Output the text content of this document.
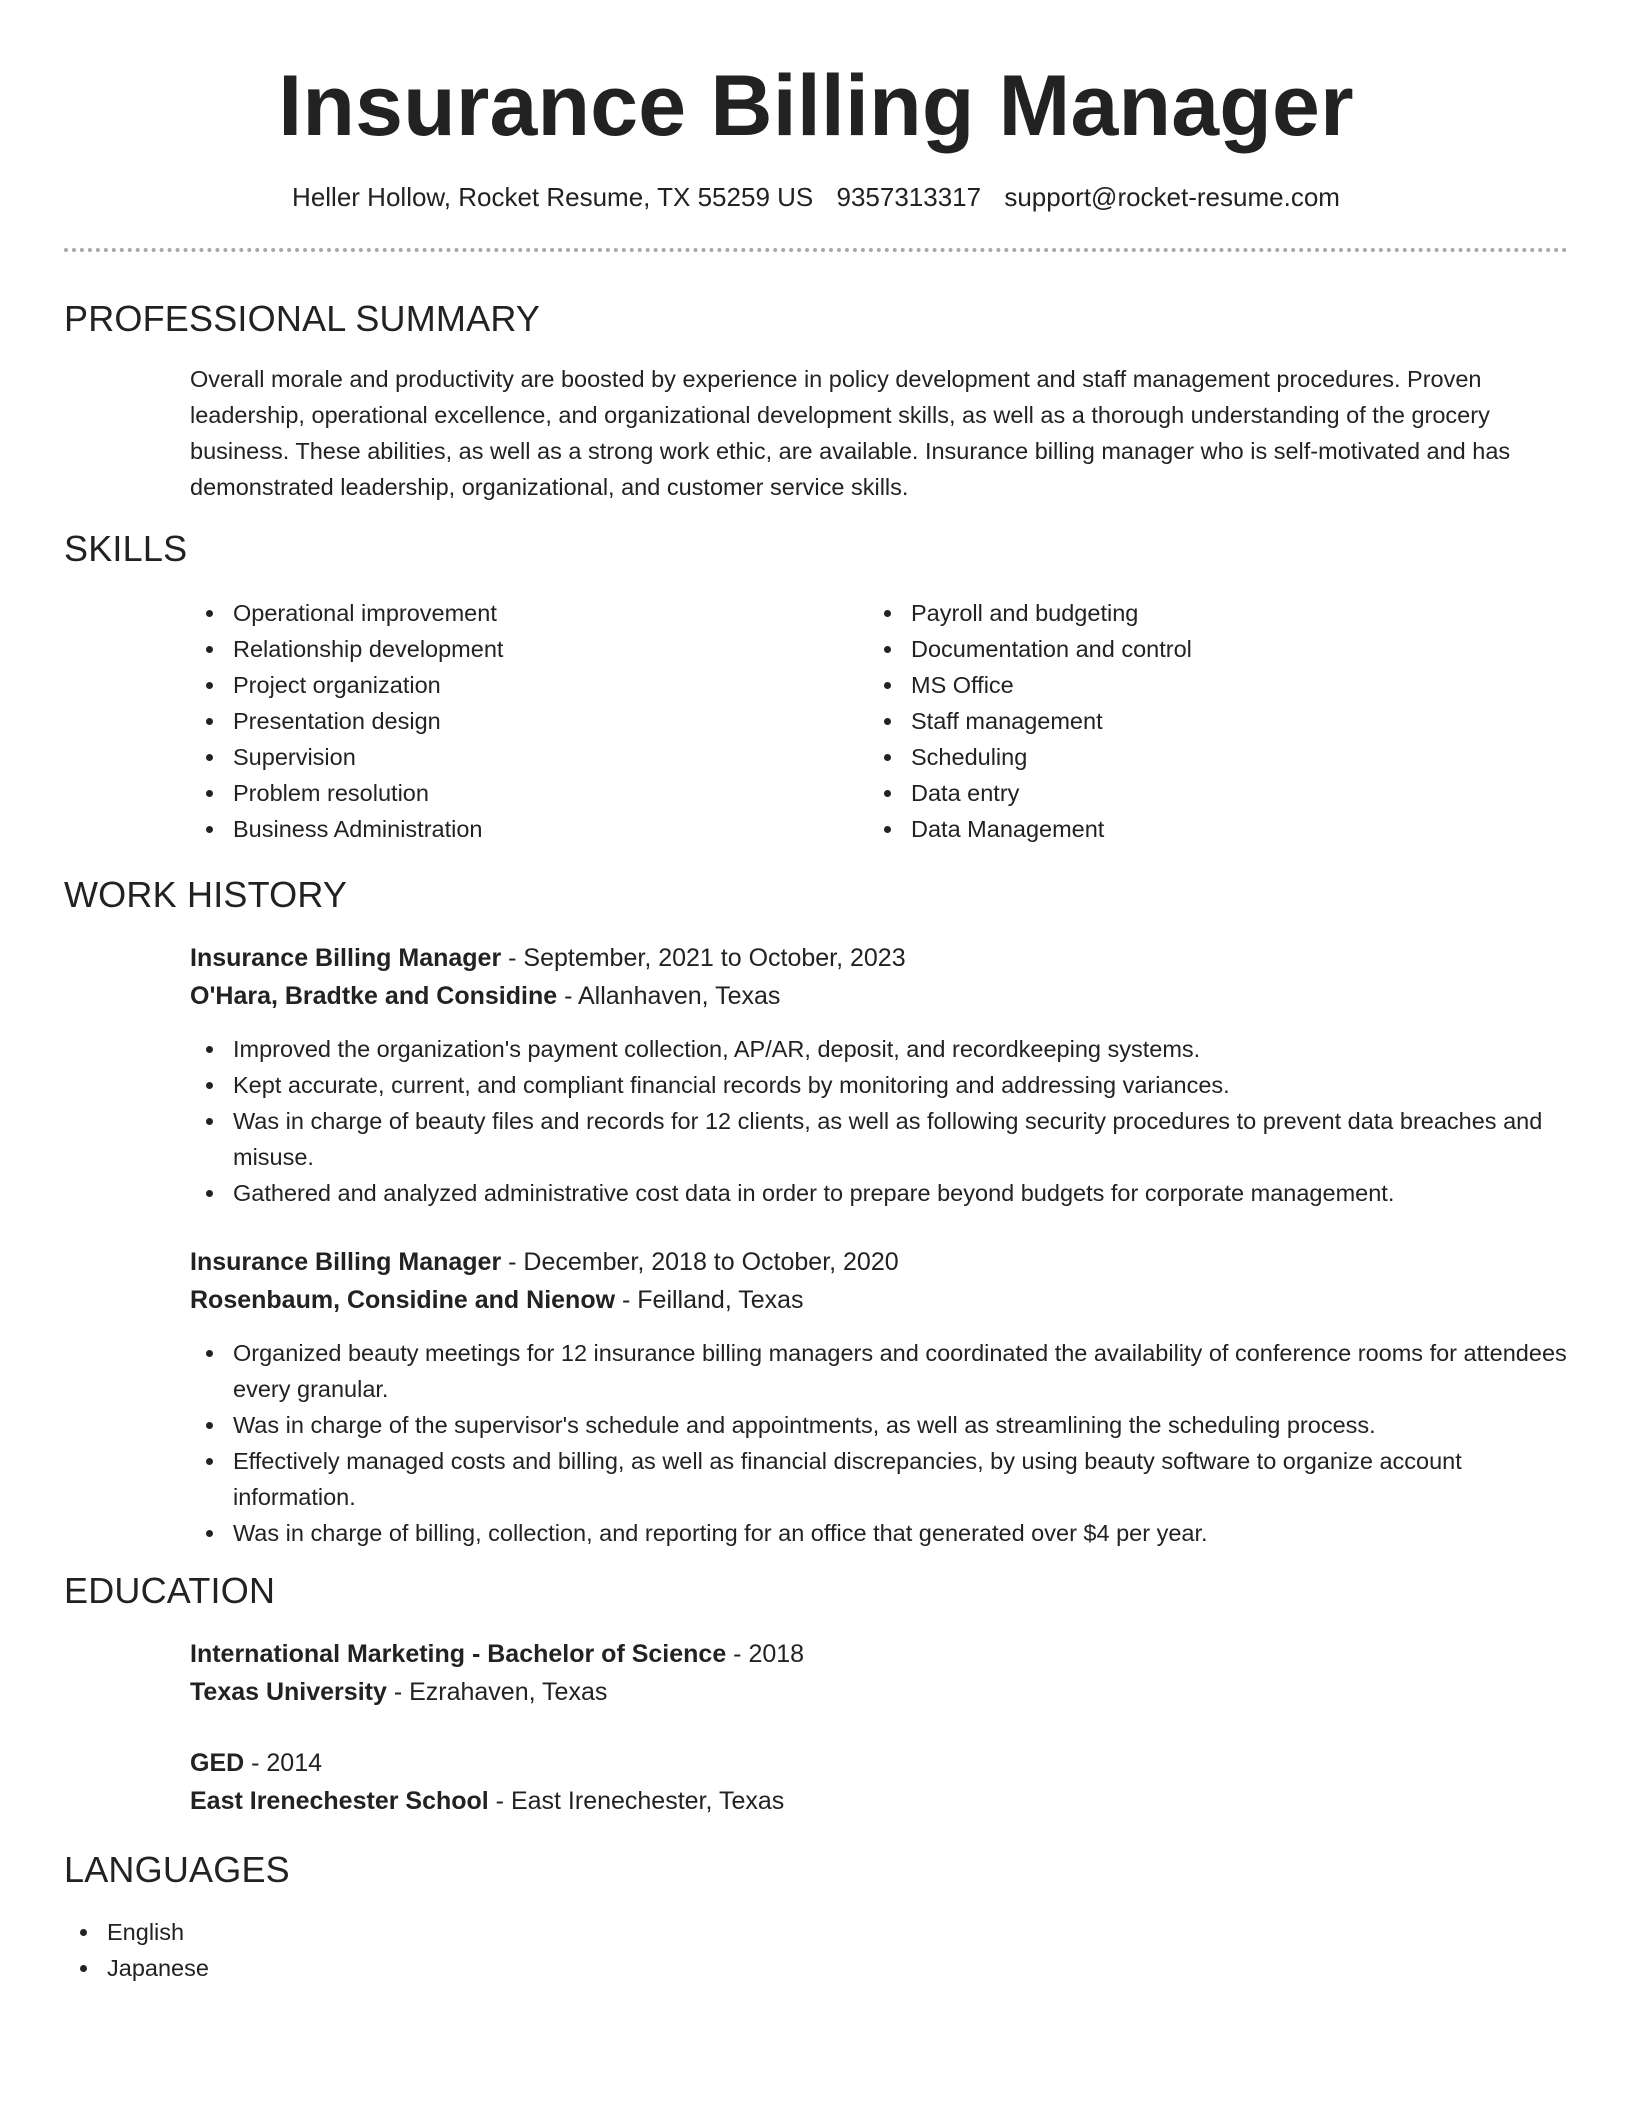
Insurance Billing Manager
Heller Hollow, Rocket Resume, TX 55259 US 9357313317 support@rocket-resume.com
PROFESSIONAL SUMMARY

Overall morale and productivity are boosted by experience in policy development and staff management procedures. Proven leadership, operational excellence, and organizational development skills, as well as a thorough understanding of the grocery business. These abilities, as well as a strong work ethic, are available. Insurance billing manager who is self-motivated and has demonstrated leadership, organizational, and customer service skills.

SKILLS
Operational improvement
Relationship development
Project organization
Presentation design
Supervision
Problem resolution
Business Administration
Payroll and budgeting
Documentation and control
MS Office
Staff management
Scheduling
Data entry
Data Management
WORK HISTORY
Insurance Billing Manager - September, 2021 to October, 2023
O'Hara, Bradtke and Considine - Allanhaven, Texas
Improved the organization's payment collection, AP/AR, deposit, and recordkeeping systems.
Kept accurate, current, and compliant financial records by monitoring and addressing variances.
Was in charge of beauty files and records for 12 clients, as well as following security procedures to prevent data breaches and misuse.
Gathered and analyzed administrative cost data in order to prepare beyond budgets for corporate management.
Insurance Billing Manager - December, 2018 to October, 2020
Rosenbaum, Considine and Nienow - Feilland, Texas
Organized beauty meetings for 12 insurance billing managers and coordinated the availability of conference rooms for attendees every granular.
Was in charge of the supervisor's schedule and appointments, as well as streamlining the scheduling process.
Effectively managed costs and billing, as well as financial discrepancies, by using beauty software to organize account information.
Was in charge of billing, collection, and reporting for an office that generated over $4 per year.
EDUCATION
International Marketing - Bachelor of Science - 2018
Texas University - Ezrahaven, Texas
GED - 2014
East Irenechester School - East Irenechester, Texas
LANGUAGES
English
Japanese
